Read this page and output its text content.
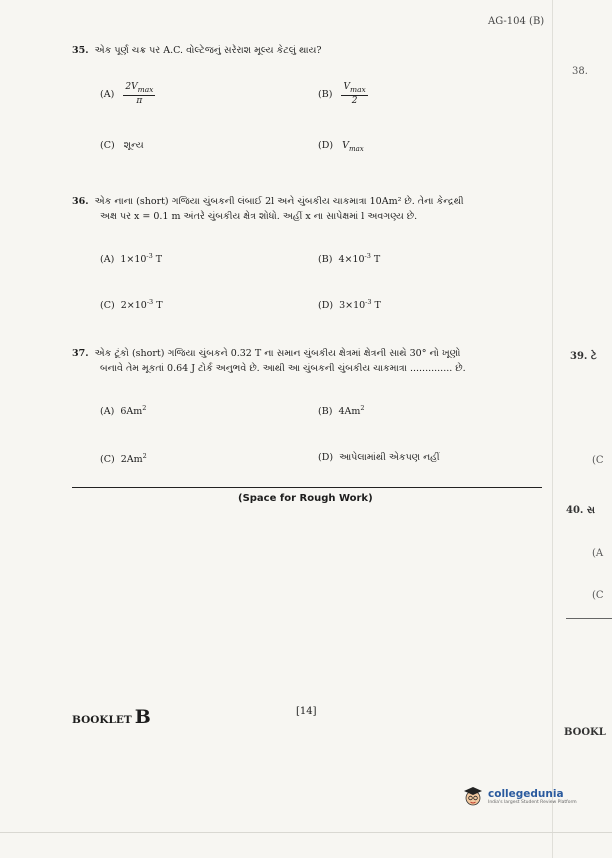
AG-104 (B)
35. એક પૂર્ણ ચક્ર પર A.C. વોલ્ટેજનું સરેરાશ મૂલ્ય કેટલું થાય?
$(A) \frac{2V_{max}}{\pi}$	$(B) \frac{V_{max}}{2}$
(C) શૂન્ય	(D) $V_{max}$
36. એક નાના (short) ગજિયા ચુંબકની લંબાઈ 2l અને ચુંબકીય ચાકમાત્રા 10Am² છે. તેના કેન્દ્રથી
અક્ષ પર x = 0.1 m અંતરે ચુંબકીય ક્ષેત્ર શોધો. અહીં x ના સાપેક્ષમાં l અવગણ્ય છે.
(A) $1\times 10^{-3}$ T	(B) $4\times 10^{-3}$ T
(C) $2\times 10^{-3}$ T	(D) $3\times 10^{-3}$ T
37. એક ટૂંકો (short) ગજિયા ચુંબકને 0.32 T ના સમાન ચુંબકીય ક્ષેત્રમાં ક્ષેત્રની સાથે 30° નો ખૂણો
બનાવે તેમ મૂકતાં 0.64 J ટોર્ક અનુભવે છે. આથી આ ચુંબકની ચુંબકીય ચાકમાત્રા .............. છે.
(A) 6Am$^2$	(B) 4Am$^2$
(C) 2Am$^2$	(D) આપેલામાંથી એકપણ નહીં
(Space for Rough Work)
BOOKLET B	[14]
38.
39. ટે
40. સ
(A
(C
(C
BOOKL
collegedunia
India's largest Student Review Platform
